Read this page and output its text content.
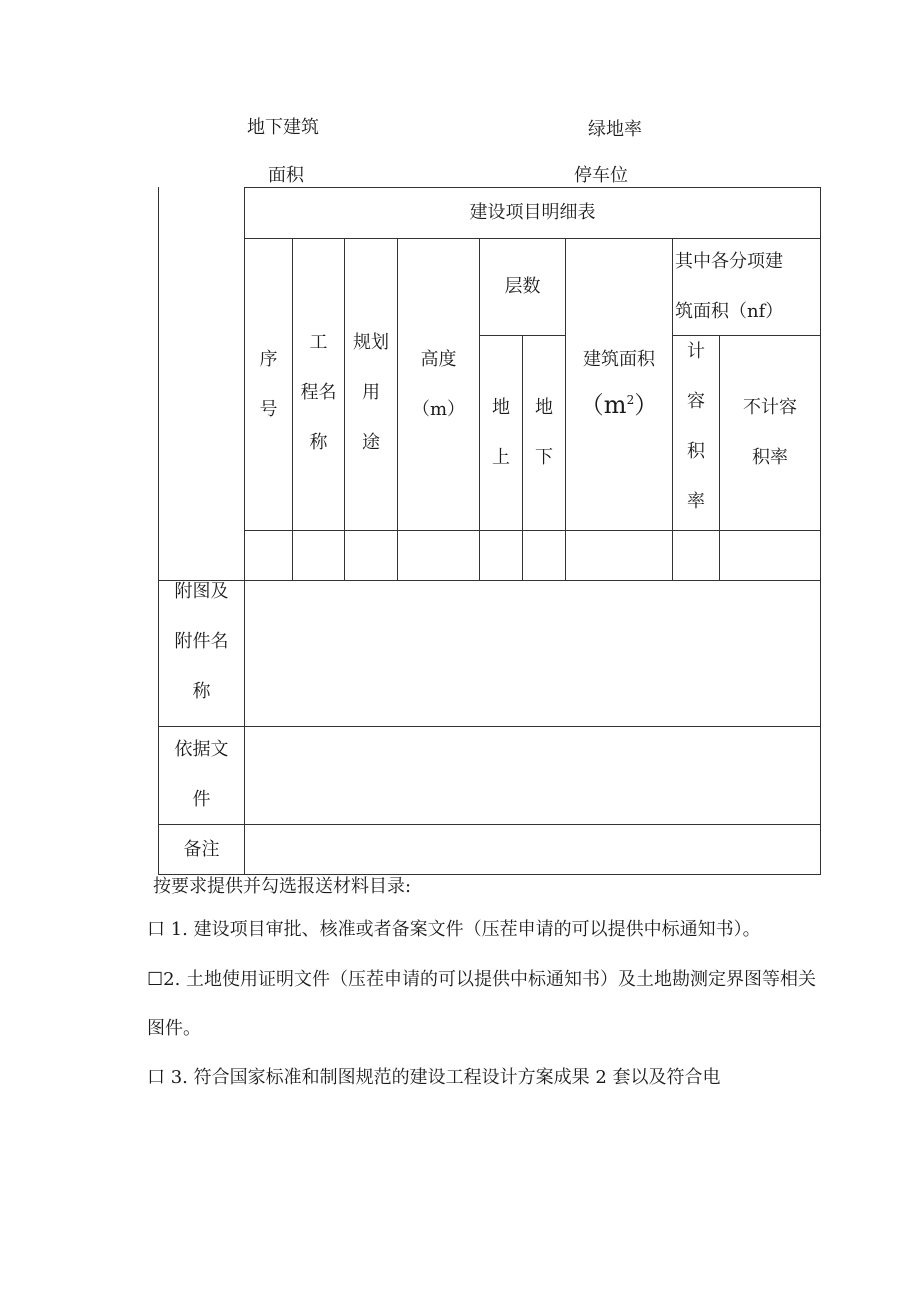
地下建筑	绿地率
面积	停车位
建设项目明细表
序
号
工
程名
称
规划
用
途
高度
（m）
层数
地
上
地
下
建筑面积
$(m^2)$
其中各分项建
筑面积（nf）
计
容
积
率
不计容
积率
附图及
附件名
称
依据文
件
备注
按要求提供并勾选报送材料目录:
口 1. 建设项目审批、核准或者备案文件（压茬申请的可以提供中标通知书）。
☐2. 土地使用证明文件（压茬申请的可以提供中标通知书）及土地勘测定界图等相关
图件。
口 3. 符合国家标准和制图规范的建设工程设计方案成果 2 套以及符合电
